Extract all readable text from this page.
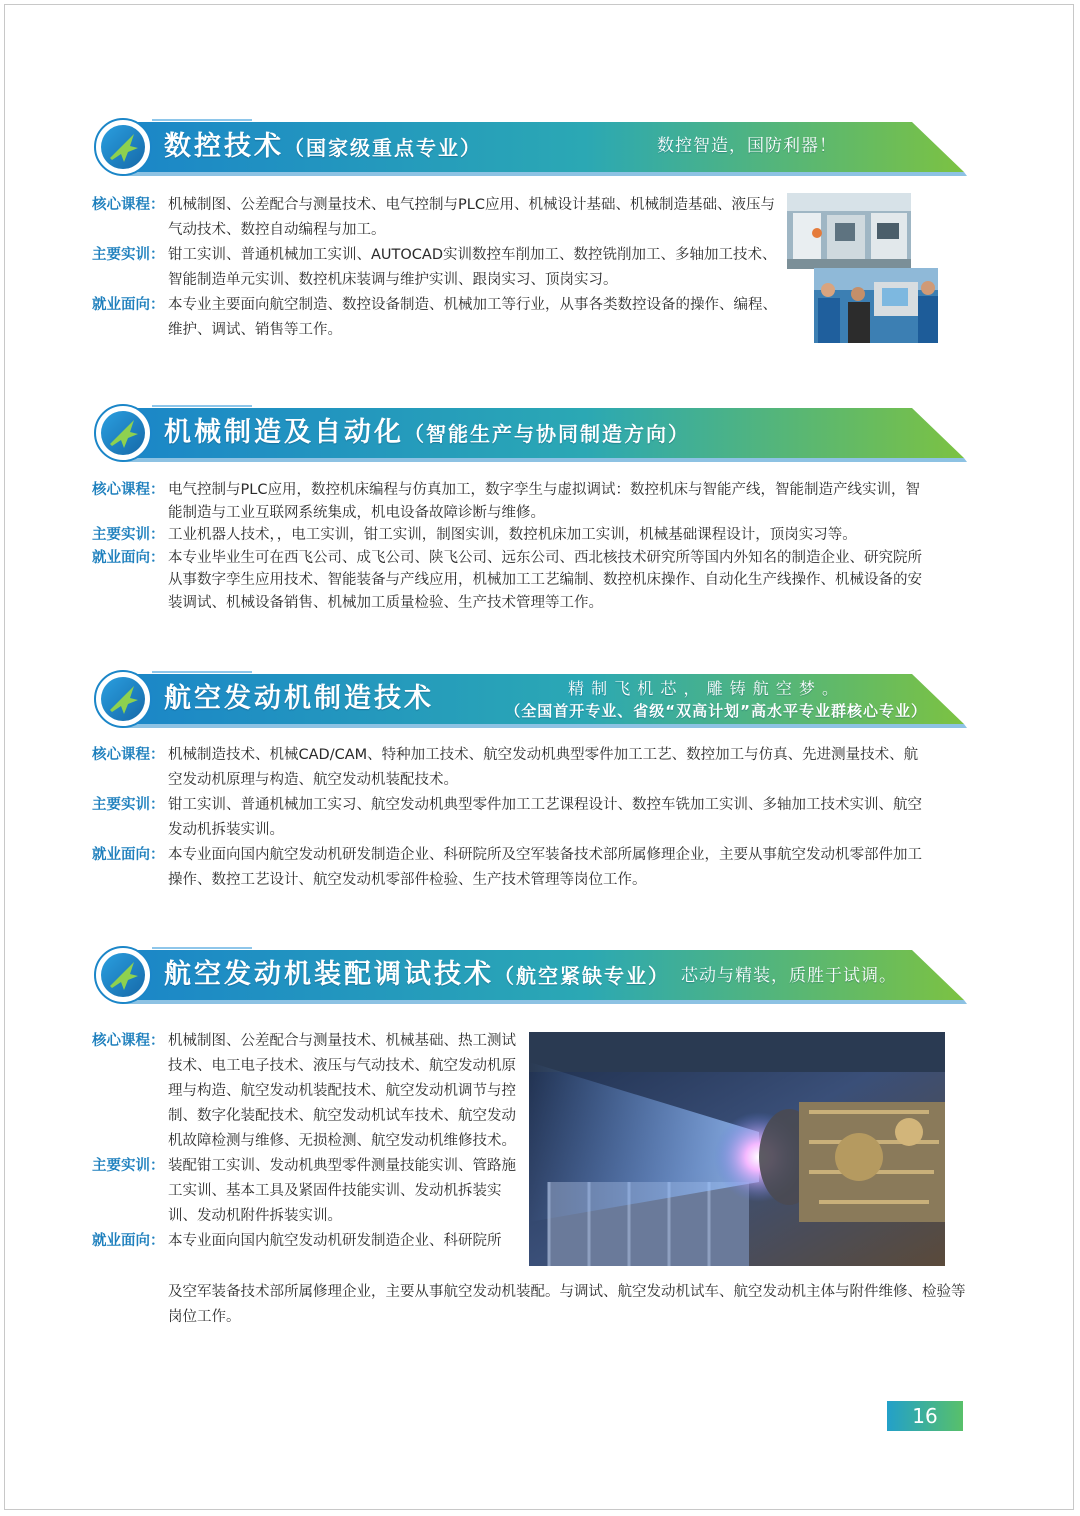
数控技术（国家级重点专业）	数控智造，国防利器！
核心课程： 机械制图、公差配合与测量技术、电气控制与PLC应用、机械设计基础、机械制造基础、液压与气动技术、数控自动编程与加工。
主要实训： 钳工实训、普通机械加工实训、AUTOCAD实训数控车削加工、数控铣削加工、多轴加工技术、智能制造单元实训、数控机床装调与维护实训、跟岗实习、顶岗实习。
就业面向： 本专业主要面向航空制造、数控设备制造、机械加工等行业，从事各类数控设备的操作、编程、维护、调试、销售等工作。
机械制造及自动化（智能生产与协同制造方向）
核心课程： 电气控制与PLC应用，数控机床编程与仿真加工，数字孪生与虚拟调试：数控机床与智能产线，智能制造产线实训，智能制造与工业互联网系统集成，机电设备故障诊断与维修。
主要实训： 工业机器人技术，，电工实训，钳工实训，制图实训，数控机床加工实训，机械基础课程设计，顶岗实习等。
就业面向： 本专业毕业生可在西飞公司、成飞公司、陕飞公司、远东公司、西北核技术研究所等国内外知名的制造企业、研究院所从事数字孪生应用技术、智能装备与产线应用，机械加工工艺编制、数控机床操作、自动化生产线操作、机械设备的安装调试、机械设备销售、机械加工质量检验、生产技术管理等工作。
航空发动机制造技术	精 制 飞 机 芯 ， 雕 铸 航 空 梦 。
（全国首开专业、省级“双高计划”高水平专业群核心专业）
核心课程： 机械制造技术、机械CAD/CAM、特种加工技术、航空发动机典型零件加工工艺、数控加工与仿真、先进测量技术、航空发动机原理与构造、航空发动机装配技术。
主要实训： 钳工实训、普通机械加工实习、航空发动机典型零件加工工艺课程设计、数控车铣加工实训、多轴加工技术实训、航空发动机拆装实训。
就业面向： 本专业面向国内航空发动机研发制造企业、科研院所及空军装备技术部所属修理企业，主要从事航空发动机零部件加工操作、数控工艺设计、航空发动机零部件检验、生产技术管理等岗位工作。
航空发动机装配调试技术（航空紧缺专业） 芯动与精装，质胜于试调。
核心课程： 机械制图、公差配合与测量技术、机械基础、热工测试技术、电工电子技术、液压与气动技术、航空发动机原理与构造、航空发动机装配技术、航空发动机调节与控制、数字化装配技术、航空发动机试车技术、航空发动机故障检测与维修、无损检测、航空发动机维修技术。
主要实训： 装配钳工实训、发动机典型零件测量技能实训、管路施工实训、基本工具及紧固件技能实训、发动机拆装实训、发动机附件拆装实训。
就业面向： 本专业面向国内航空发动机研发制造企业、科研院所
及空军装备技术部所属修理企业，主要从事航空发动机装配。与调试、航空发动机试车、航空发动机主体与附件维修、检验等岗位工作。
16
